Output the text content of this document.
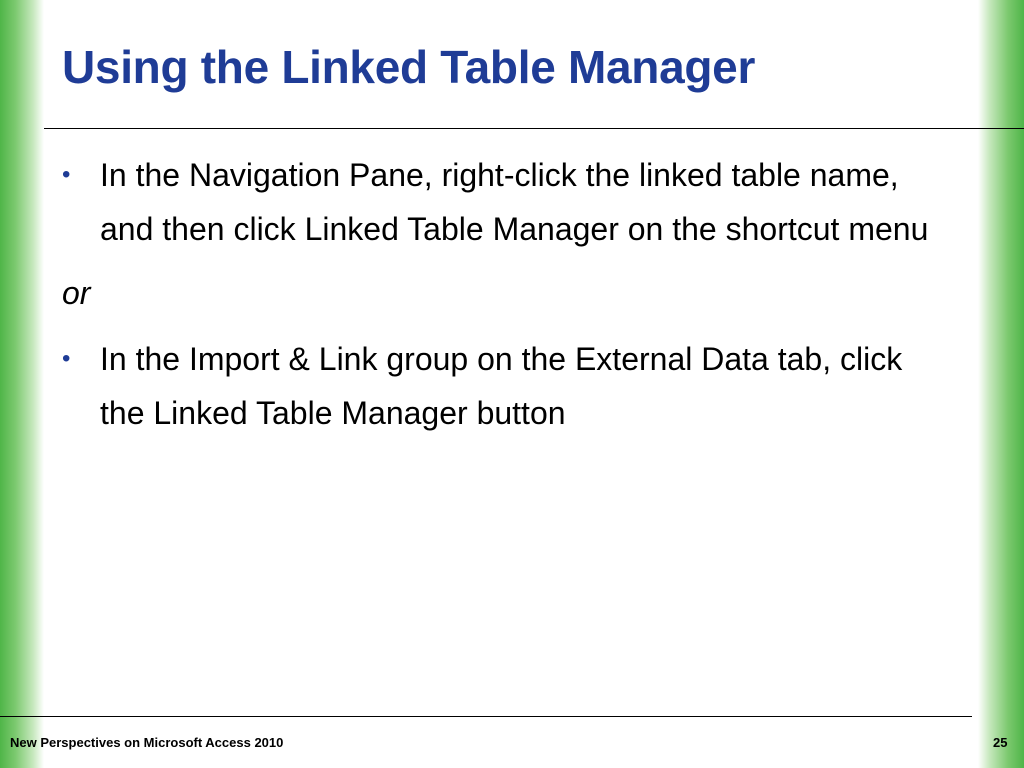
Using the Linked Table Manager
• In the Navigation Pane, right-click the linked table name, and then click Linked Table Manager on the shortcut menu
or
• In the Import & Link group on the External Data tab, click the Linked Table Manager button
New Perspectives on Microsoft Access 2010	25
